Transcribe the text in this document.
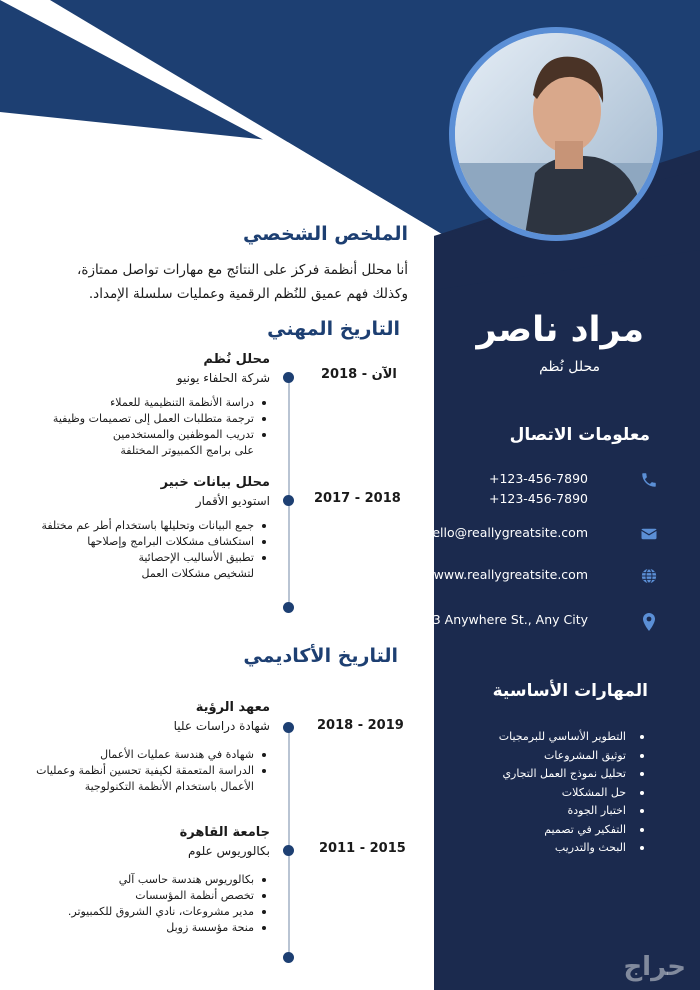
الملخص الشخصي
أنا محلل أنظمة فركز على النتائج مع مهارات تواصل ممتازة،
وكذلك فهم عميق للنُظم الرقمية وعمليات سلسلة الإمداد.
مراد ناصر
محلل نُظم
معلومات الاتصال
+123-456-7890
+123-456-7890
hello@reallygreatsite.com
www.reallygreatsite.com
123 Anywhere St., Any City
المهارات الأساسية
التطوير الأساسي للبرمجيات
توثيق المشروعات
تحليل نموذج العمل التجاري
حل المشكلات
اختبار الجودة
التفكير في تصميم
البحث والتدريب
التاريخ المهني
الآن - 2018
محلل نُظم
شركة الحلفاء يونيو
دراسة الأنظمة التنظيمية للعملاء
ترجمة متطلبات العمل إلى تصميمات وظيفية
تدريب الموظفين والمستخدمين على برامج الكمبيوتر المختلفة
2018 - 2017
محلل بيانات خبير
استوديو الأقمار
جمع البيانات وتحليلها باستخدام أطر عم مختلفة
استكشاف مشكلات البرامج وإصلاحها
تطبيق الأساليب الإحصائية لتشخيص مشكلات العمل
التاريخ الأكاديمي
2019 - 2018
معهد الرؤية
شهادة دراسات عليا
شهادة في هندسة عمليات الأعمال
الدراسة المتعمقة لكيفية تحسين أنظمة وعمليات الأعمال باستخدام الأنظمة التكنولوجية
2015 - 2011
جامعة القاهرة
بكالوريوس علوم
بكالوريوس هندسة حاسب آلي
تخصص أنظمة المؤسسات
مدير مشروعات، نادي الشروق للكمبيوتر.
منحة مؤسسة زوبل
حراج
